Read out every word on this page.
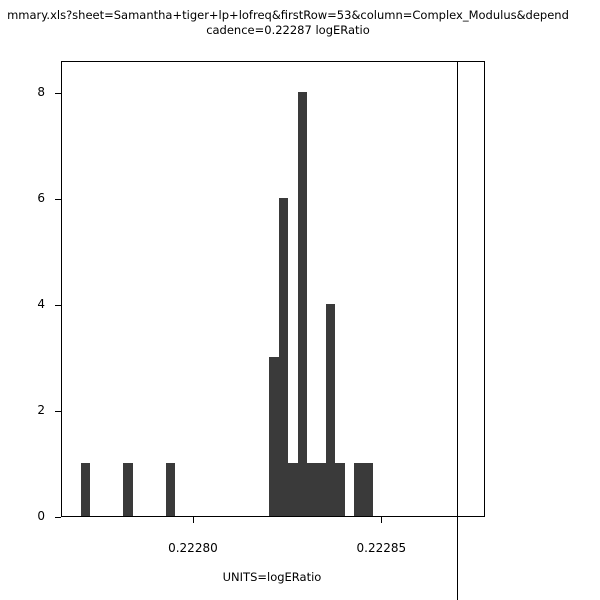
mmary.xls?sheet=Samantha+tiger+lp+lofreq&firstRow=53&column=Complex_Modulus&depend
cadence=0.22287 logERatio
0
2
4
6
8
0.22280	0.22285
UNITS=logERatio
